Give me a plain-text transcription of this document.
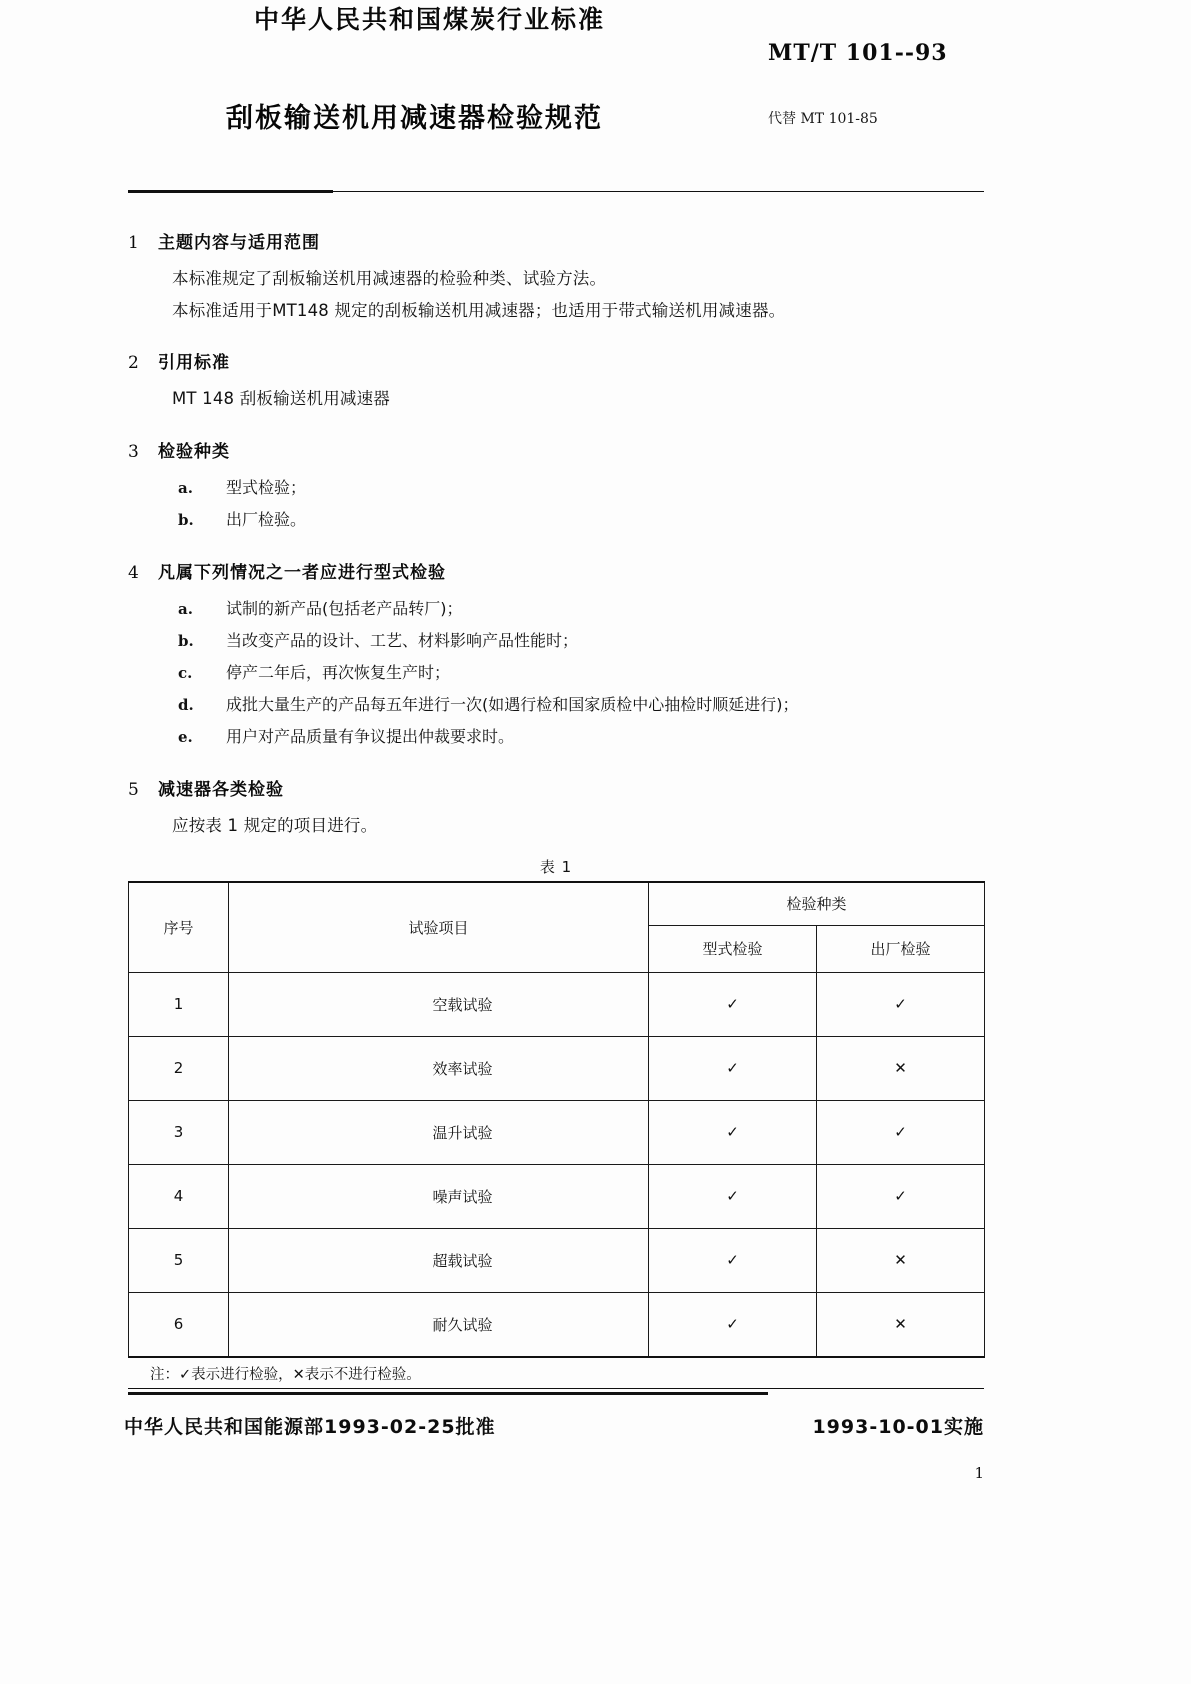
中华人民共和国煤炭行业标准
MT/T 101--93
刮板输送机用减速器检验规范	代替 MT 101-85
1 主题内容与适用范围
本标准规定了刮板输送机用减速器的检验种类、试验方法。
本标准适用于MT148 规定的刮板输送机用减速器；也适用于带式输送机用减速器。
2 引用标准
MT 148 刮板输送机用减速器
3 检验种类
a. 型式检验；
b. 出厂检验。
4 凡属下列情况之一者应进行型式检验
a. 试制的新产品(包括老产品转厂)；
b. 当改变产品的设计、工艺、材料影响产品性能时；
c. 停产二年后，再次恢复生产时；
d. 成批大量生产的产品每五年进行一次(如遇行检和国家质检中心抽检时顺延进行)；
e. 用户对产品质量有争议提出仲裁要求时。
5 减速器各类检验
应按表 1 规定的项目进行。
表 1
序号	试验项目	检验种类	
		型式检验	出厂检验
1	空载试验	✓	✓
2	效率试验	✓	✕
3	温升试验	✓	✓
4	噪声试验	✓	✓
5	超载试验	✓	✕
6	耐久试验	✓	✕
注：✓表示进行检验，✕表示不进行检验。
中华人民共和国能源部1993-02-25批准	1993-10-01实施
1
